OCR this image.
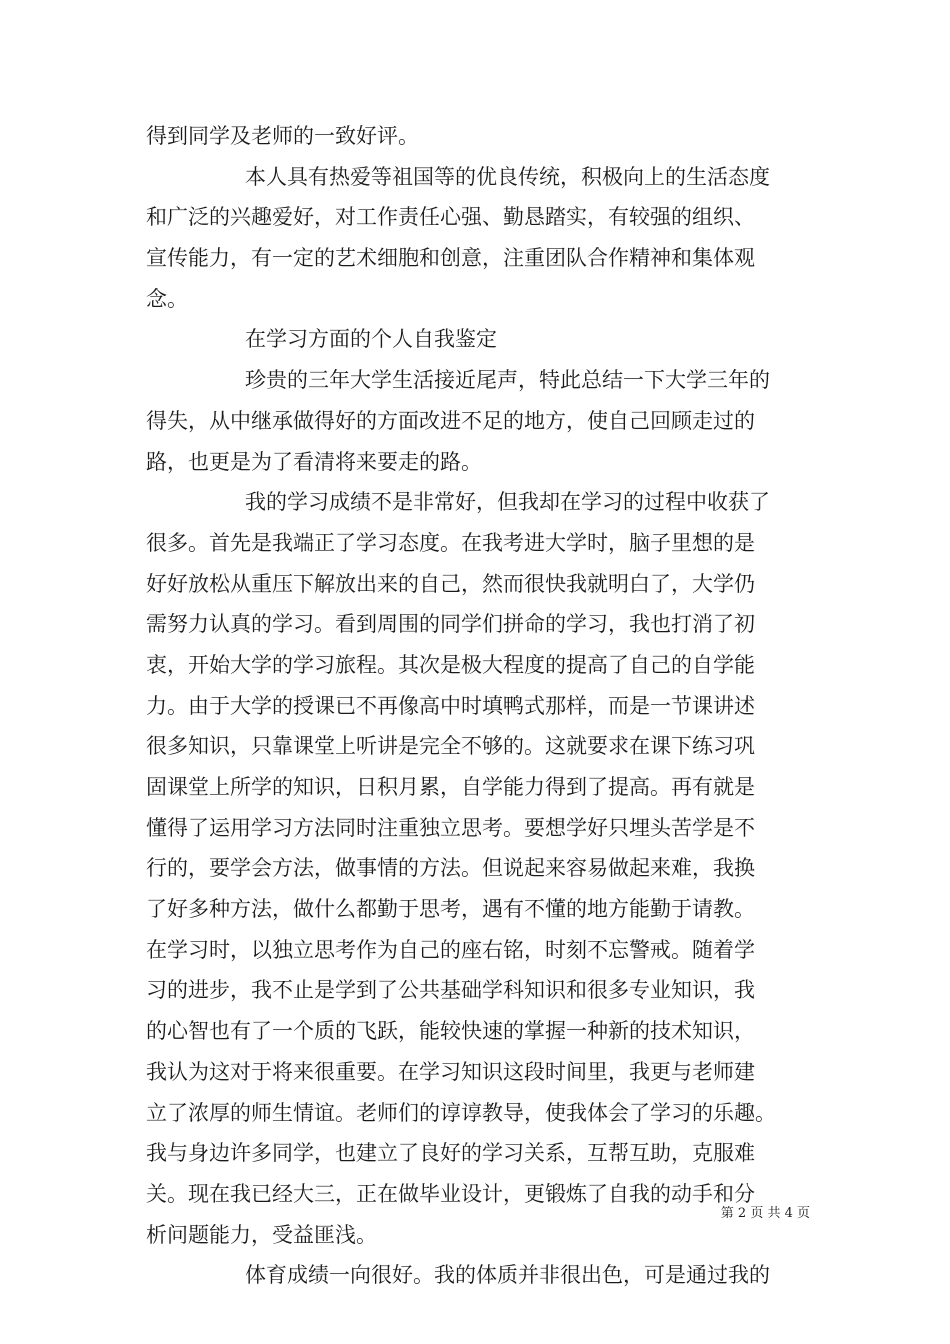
得到同学及老师的一致好评。
本人具有热爱等祖国等的优良传统，积极向上的生活态度
和广泛的兴趣爱好，对工作责任心强、勤恳踏实，有较强的组织、
宣传能力，有一定的艺术细胞和创意，注重团队合作精神和集体观
念。
在学习方面的个人自我鉴定
珍贵的三年大学生活接近尾声，特此总结一下大学三年的
得失，从中继承做得好的方面改进不足的地方，使自己回顾走过的
路，也更是为了看清将来要走的路。
我的学习成绩不是非常好，但我却在学习的过程中收获了
很多。首先是我端正了学习态度。在我考进大学时，脑子里想的是
好好放松从重压下解放出来的自己，然而很快我就明白了，大学仍
需努力认真的学习。看到周围的同学们拼命的学习，我也打消了初
衷，开始大学的学习旅程。其次是极大程度的提高了自己的自学能
力。由于大学的授课已不再像高中时填鸭式那样，而是一节课讲述
很多知识，只靠课堂上听讲是完全不够的。这就要求在课下练习巩
固课堂上所学的知识，日积月累，自学能力得到了提高。再有就是
懂得了运用学习方法同时注重独立思考。要想学好只埋头苦学是不
行的，要学会方法，做事情的方法。但说起来容易做起来难，我换
了好多种方法，做什么都勤于思考，遇有不懂的地方能勤于请教。
在学习时，以独立思考作为自己的座右铭，时刻不忘警戒。随着学
习的进步，我不止是学到了公共基础学科知识和很多专业知识，我
的心智也有了一个质的飞跃，能较快速的掌握一种新的技术知识，
我认为这对于将来很重要。在学习知识这段时间里，我更与老师建
立了浓厚的师生情谊。老师们的谆谆教导，使我体会了学习的乐趣。
我与身边许多同学，也建立了良好的学习关系，互帮互助，克服难
关。现在我已经大三，正在做毕业设计，更锻炼了自我的动手和分
析问题能力，受益匪浅。
体育成绩一向很好。我的体质并非很出色，可是通过我的
第 2 页 共 4 页
